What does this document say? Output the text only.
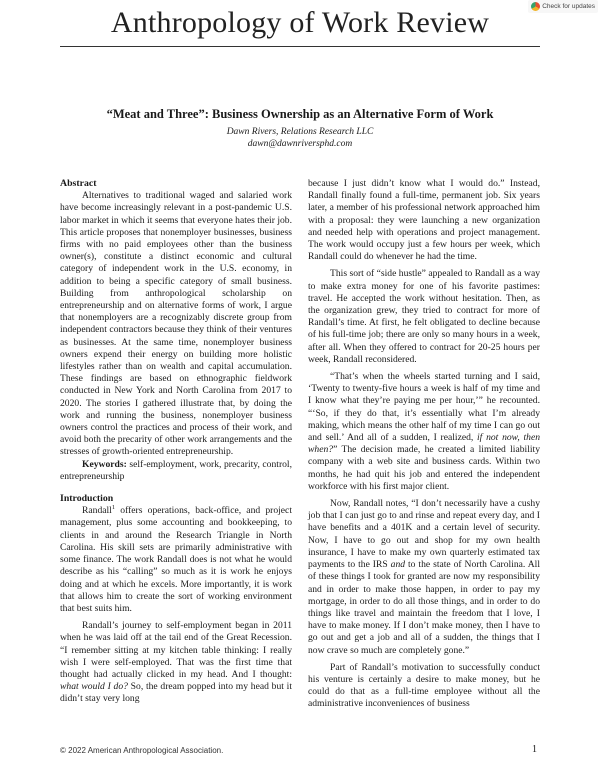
Anthropology of Work Review	Check for updates
“Meat and Three”: Business Ownership as an Alternative Form of Work
Dawn Rivers, Relations Research LLC
dawn@dawnriversphd.com
Abstract

Alternatives to traditional waged and salaried work have become increasingly relevant in a post-pandemic U.S. labor market in which it seems that everyone hates their job. This article proposes that nonemployer businesses, business firms with no paid employees other than the business owner(s), constitute a distinct economic and cultural category of independent work in the U.S. economy, in addition to being a specific category of small business. Building from anthropological scholarship on entrepreneurship and on alternative forms of work, I argue that nonemployers are a recognizably discrete group from independent contractors because they think of their ventures as businesses. At the same time, nonemployer business owners expend their energy on building more holistic lifestyles rather than on wealth and capital accumulation. These findings are based on ethnographic fieldwork conducted in New York and North Carolina from 2017 to 2020. The stories I gathered illustrate that, by doing the work and running the business, nonemployer business owners control the practices and process of their work, and avoid both the precarity of other work arrangements and the stresses of growth-oriented entrepreneurship.

Keywords: self-employment, work, precarity, control, entrepreneurship

Introduction

Randall$^1$ offers operations, back-office, and project management, plus some accounting and bookkeeping, to clients in and around the Research Triangle in North Carolina. His skill sets are primarily administrative with some finance. The work Randall does is not what he would describe as his “calling” so much as it is work he enjoys doing and at which he excels. More importantly, it is work that allows him to create the sort of working environment that best suits him.

Randall’s journey to self-employment began in 2011 when he was laid off at the tail end of the Great Recession. “I remember sitting at my kitchen table thinking: I really wish I were self-employed. That was the first time that thought had actually clicked in my head. And I thought: what would I do? So, the dream popped into my head but it didn’t stay very long

because I just didn’t know what I would do.” Instead, Randall finally found a full-time, permanent job. Six years later, a member of his professional network approached him with a proposal: they were launching a new organization and needed help with operations and project management. The work would occupy just a few hours per week, which Randall could do whenever he had the time.

This sort of “side hustle” appealed to Randall as a way to make extra money for one of his favorite pastimes: travel. He accepted the work without hesitation. Then, as the organization grew, they tried to contract for more of Randall’s time. At first, he felt obligated to decline because of his full-time job; there are only so many hours in a week, after all. When they offered to contract for 20-25 hours per week, Randall reconsidered.

“That’s when the wheels started turning and I said, ‘Twenty to twenty-five hours a week is half of my time and I know what they’re paying me per hour,’” he recounted. “‘So, if they do that, it’s essentially what I’m already making, which means the other half of my time I can go out and sell.’ And all of a sudden, I realized, if not now, then when?” The decision made, he created a limited liability company with a web site and business cards. Within two months, he had quit his job and entered the independent workforce with his first major client.

Now, Randall notes, “I don’t necessarily have a cushy job that I can just go to and rinse and repeat every day, and I have benefits and a 401K and a certain level of security. Now, I have to go out and shop for my own health insurance, I have to make my own quarterly estimated tax payments to the IRS and to the state of North Carolina. All of these things I took for granted are now my responsibility and in order to make those happen, in order to pay my mortgage, in order to do all those things, and in order to do things like travel and maintain the freedom that I love, I have to make money. If I don’t make money, then I have to go out and get a job and all of a sudden, the things that I now crave so much are completely gone.”

Part of Randall’s motivation to successfully conduct his venture is certainly a desire to make money, but he could do that as a full-time employee without all the administrative inconveniences of business

© 2022 American Anthropological Association.	1
